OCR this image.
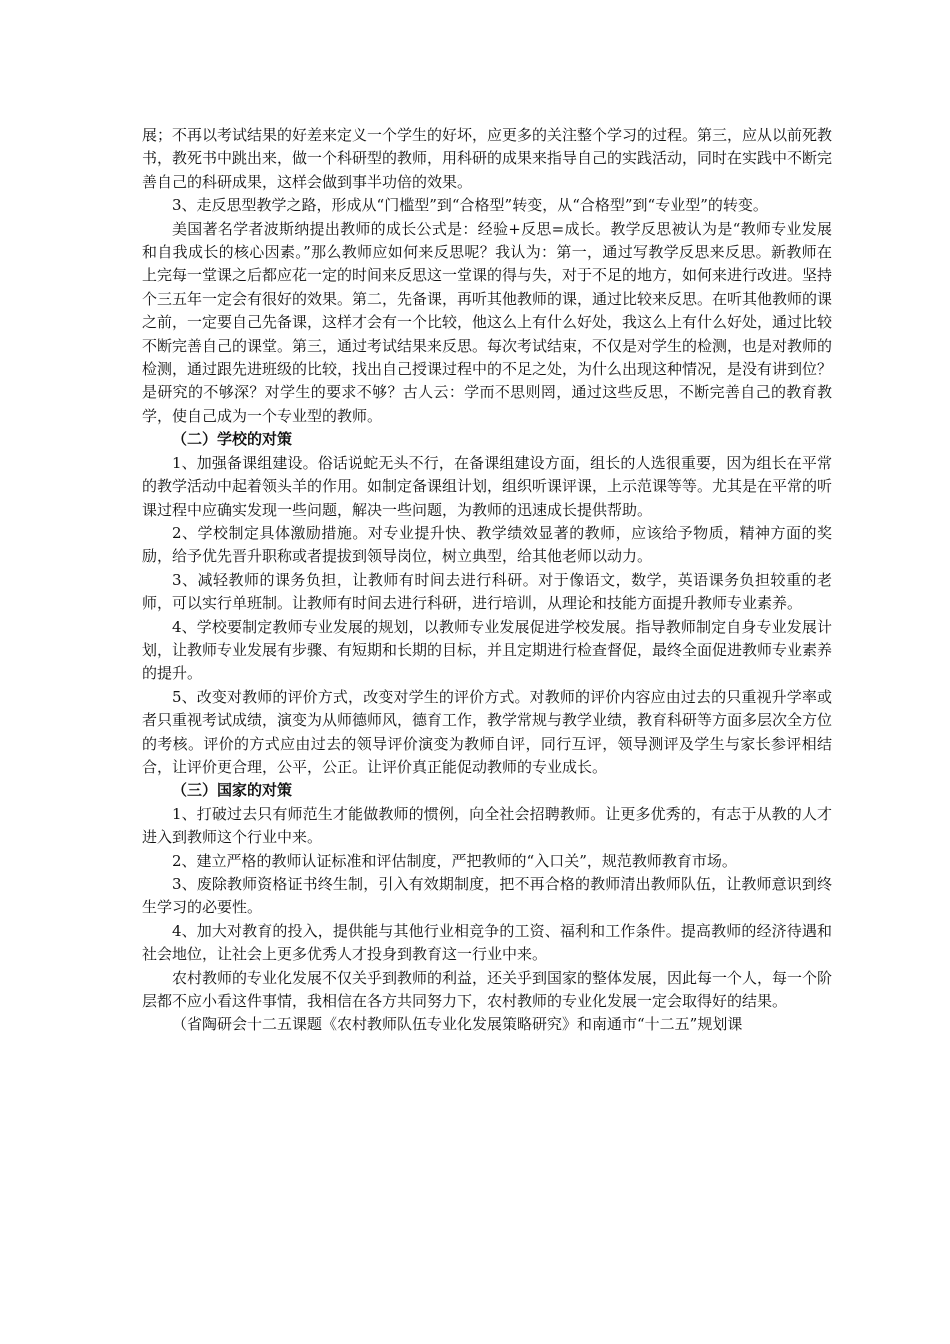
展；不再以考试结果的好差来定义一个学生的好坏，应更多的关注整个学习的过程。第三，应从以前死教书，教死书中跳出来，做一个科研型的教师，用科研的成果来指导自己的实践活动，同时在实践中不断完善自己的科研成果，这样会做到事半功倍的效果。

3、走反思型教学之路，形成从“门槛型”到“合格型”转变，从“合格型”到“专业型”的转变。

美国著名学者波斯纳提出教师的成长公式是：经验+反思=成长。教学反思被认为是“教师专业发展和自我成长的核心因素。”那么教师应如何来反思呢？我认为：第一，通过写教学反思来反思。新教师在上完每一堂课之后都应花一定的时间来反思这一堂课的得与失，对于不足的地方，如何来进行改进。坚持个三五年一定会有很好的效果。第二，先备课，再听其他教师的课，通过比较来反思。在听其他教师的课之前，一定要自己先备课，这样才会有一个比较，他这么上有什么好处，我这么上有什么好处，通过比较不断完善自己的课堂。第三，通过考试结果来反思。每次考试结束，不仅是对学生的检测，也是对教师的检测，通过跟先进班级的比较，找出自己授课过程中的不足之处，为什么出现这种情况，是没有讲到位？是研究的不够深？对学生的要求不够？古人云：学而不思则罔，通过这些反思，不断完善自己的教育教学，使自己成为一个专业型的教师。

（二）学校的对策

1、加强备课组建设。俗话说蛇无头不行，在备课组建设方面，组长的人选很重要，因为组长在平常的教学活动中起着领头羊的作用。如制定备课组计划，组织听课评课，上示范课等等。尤其是在平常的听课过程中应确实发现一些问题，解决一些问题，为教师的迅速成长提供帮助。

2、学校制定具体激励措施。对专业提升快、教学绩效显著的教师，应该给予物质，精神方面的奖励，给予优先晋升职称或者提拔到领导岗位，树立典型，给其他老师以动力。

3、减轻教师的课务负担，让教师有时间去进行科研。对于像语文，数学，英语课务负担较重的老师，可以实行单班制。让教师有时间去进行科研，进行培训，从理论和技能方面提升教师专业素养。

4、学校要制定教师专业发展的规划，以教师专业发展促进学校发展。指导教师制定自身专业发展计划，让教师专业发展有步骤、有短期和长期的目标，并且定期进行检查督促，最终全面促进教师专业素养的提升。

5、改变对教师的评价方式，改变对学生的评价方式。对教师的评价内容应由过去的只重视升学率或者只重视考试成绩，演变为从师德师风，德育工作，教学常规与教学业绩，教育科研等方面多层次全方位的考核。评价的方式应由过去的领导评价演变为教师自评，同行互评，领导测评及学生与家长参评相结合，让评价更合理，公平，公正。让评价真正能促动教师的专业成长。

（三）国家的对策

1、打破过去只有师范生才能做教师的惯例，向全社会招聘教师。让更多优秀的，有志于从教的人才进入到教师这个行业中来。

2、建立严格的教师认证标准和评估制度，严把教师的“入口关”，规范教师教育市场。

3、废除教师资格证书终生制，引入有效期制度，把不再合格的教师清出教师队伍，让教师意识到终生学习的必要性。

4、加大对教育的投入，提供能与其他行业相竞争的工资、福利和工作条件。提高教师的经济待遇和社会地位，让社会上更多优秀人才投身到教育这一行业中来。

农村教师的专业化发展不仅关乎到教师的利益，还关乎到国家的整体发展，因此每一个人，每一个阶层都不应小看这件事情，我相信在各方共同努力下，农村教师的专业化发展一定会取得好的结果。

（省陶研会十二五课题《农村教师队伍专业化发展策略研究》和南通市“十二五”规划课
